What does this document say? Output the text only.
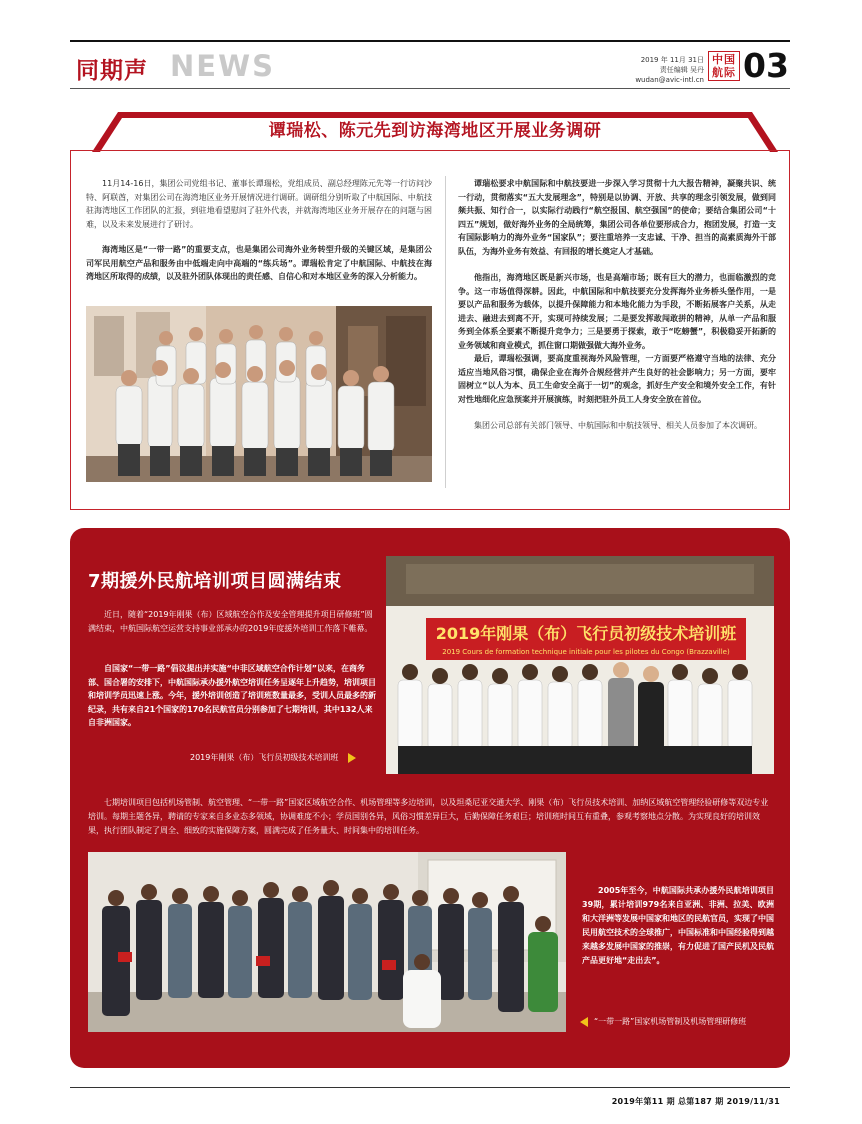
同期声 NEWS	2019 年 11月 31日
责任编辑 吴丹
wudan@avic-intl.cn
中国
航际 03
谭瑞松、陈元先到访海湾地区开展业务调研

11月14-16日，集团公司党组书记、董事长谭瑞松，党组成员、副总经理陈元先等一行访问沙特、阿联酋，对集团公司在海湾地区业务开展情况进行调研。调研组分别听取了中航国际、中航技驻海湾地区工作团队的汇报，到驻地看望慰问了驻外代表，并就海湾地区业务开展存在的问题与困难，以及未来发展进行了研讨。

海湾地区是“一带一路”的重要支点，也是集团公司海外业务转型升级的关键区域，是集团公司军民用航空产品和服务由中低端走向中高端的“练兵场”。谭瑞松肯定了中航国际、中航技在海湾地区所取得的成绩，以及驻外团队体现出的责任感、自信心和对本地区业务的深入分析能力。

谭瑞松要求中航国际和中航技要进一步深入学习贯彻十九大报告精神，凝聚共识、统一行动，贯彻落实“五大发展理念”，特别是以协调、开放、共享的理念引领发展，做到同频共振、知行合一，以实际行动践行“航空报国、航空强国”的使命；要结合集团公司“十四五”规划，做好海外业务的全局统筹，集团公司各单位要形成合力，抱团发展，打造一支有国际影响力的海外业务“国家队”；要注重培养一支忠诚、干净、担当的高素质海外干部队伍，为海外业务有效益、有回报的增长奠定人才基础。

他指出，海湾地区既是新兴市场，也是高端市场；既有巨大的潜力，也面临激烈的竞争。这一市场值得深耕。因此，中航国际和中航技要充分发挥海外业务桥头堡作用，一是要以产品和服务为载体，以提升保障能力和本地化能力为手段，不断拓展客户关系，从走进去、融进去到离不开，实现可持续发展；二是要发挥敢闯敢拼的精神，从单一产品和服务到全体系全要素不断提升竞争力；三是要勇于探索，敢于“吃螃蟹”，积极稳妥开拓新的业务领域和商业模式，抓住窗口期做强做大海外业务。

最后，谭瑞松强调，要高度重视海外风险管理，一方面要严格遵守当地的法律、充分适应当地风俗习惯，确保企业在海外合规经营并产生良好的社会影响力；另一方面，要牢固树立“以人为本、员工生命安全高于一切”的观念，抓好生产安全和境外安全工作，有针对性地细化应急预案并开展演练，时刻把驻外员工人身安全放在首位。

集团公司总部有关部门领导、中航国际和中航技领导、相关人员参加了本次调研。

7期援外民航培训项目圆满结束

近日，随着“2019年刚果（布）区域航空合作及安全管理提升项目研修班”圆满结束，中航国际航空运营支持事业部承办的2019年度援外培训工作落下帷幕。

自国家“一带一路”倡议提出并实施“中非区域航空合作计划”以来，在商务部、国合署的安排下，中航国际承办援外航空培训任务呈逐年上升趋势，培训项目和培训学员迅速上涨。今年，援外培训创造了培训班数量最多，受训人员最多的新纪录，共有来自21个国家的170名民航官员分别参加了七期培训，其中132人来自非洲国家。

2019年刚果（布）飞行员初级技术培训班
2019年刚果（布）飞行员初级技术培训班
2019 Cours de formation technique initiale pour les pilotes du Congo (Brazzaville)

七期培训项目包括机场管制、航空管理、“一带一路”国家区域航空合作、机场管理等多边培训，以及坦桑尼亚交通大学、刚果（布）飞行员技术培训、加纳区域航空管理经验研修等双边专业培训。每期主题各异，聘请的专家来自多业态多领域，协调难度不小；学员国别各异，风俗习惯差异巨大，后勤保障任务艰巨；培训班时间互有重叠，参观考察地点分散。为实现良好的培训效果，执行团队制定了周全、细致的实施保障方案，圆满完成了任务量大、时间集中的培训任务。

2005年至今，中航国际共承办援外民航培训项目39期，累计培训979名来自亚洲、非洲、拉美、欧洲和大洋洲等发展中国家和地区的民航官员，实现了中国民用航空技术的全球推广，中国标准和中国经验得到越来越多发展中国家的推崇，有力促进了国产民机及民航产品更好地“走出去”。

“一带一路”国家机场管制及机场管理研修班
2019年第11 期 总第187 期 2019/11/31
